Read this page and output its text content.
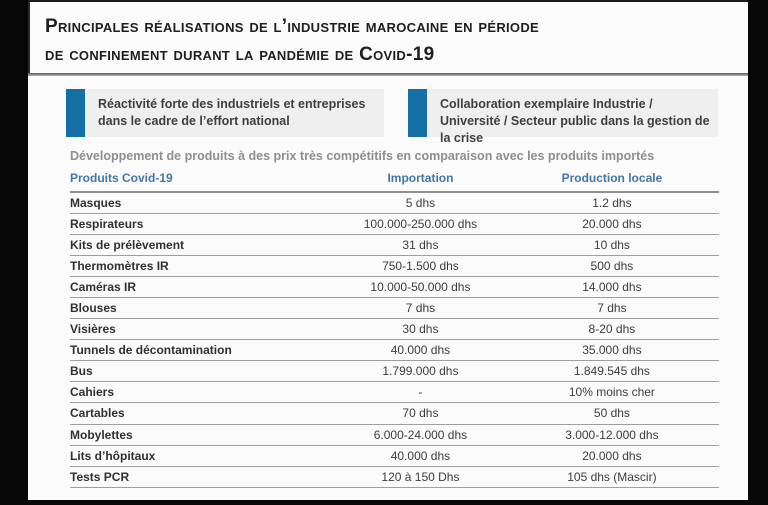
Principales réalisations de l’industrie marocaine en période
de confinement durant la pandémie de Covid-19
Réactivité forte des industriels et entreprises dans le cadre de l’effort national
Collaboration exemplaire Industrie / Université / Secteur public dans la gestion de la crise
Développement de produits à des prix très compétitifs en comparaison avec les produits importés
Produits Covid-19	Importation	Production locale
Masques	5 dhs	1.2 dhs
Respirateurs	100.000-250.000 dhs	20.000 dhs
Kits de prélèvement	31 dhs	10 dhs
Thermomètres IR	750-1.500 dhs	500 dhs
Caméras IR	10.000-50.000 dhs	14.000 dhs
Blouses	7 dhs	7 dhs
Visières	30 dhs	8-20 dhs
Tunnels de décontamination	40.000 dhs	35.000 dhs
Bus	1.799.000 dhs	1.849.545 dhs
Cahiers	-	10% moins cher
Cartables	70 dhs	50 dhs
Mobylettes	6.000-24.000 dhs	3.000-12.000 dhs
Lits d’hôpitaux	40.000 dhs	20.000 dhs
Tests PCR	120 à 150 Dhs	105 dhs (Mascir)
